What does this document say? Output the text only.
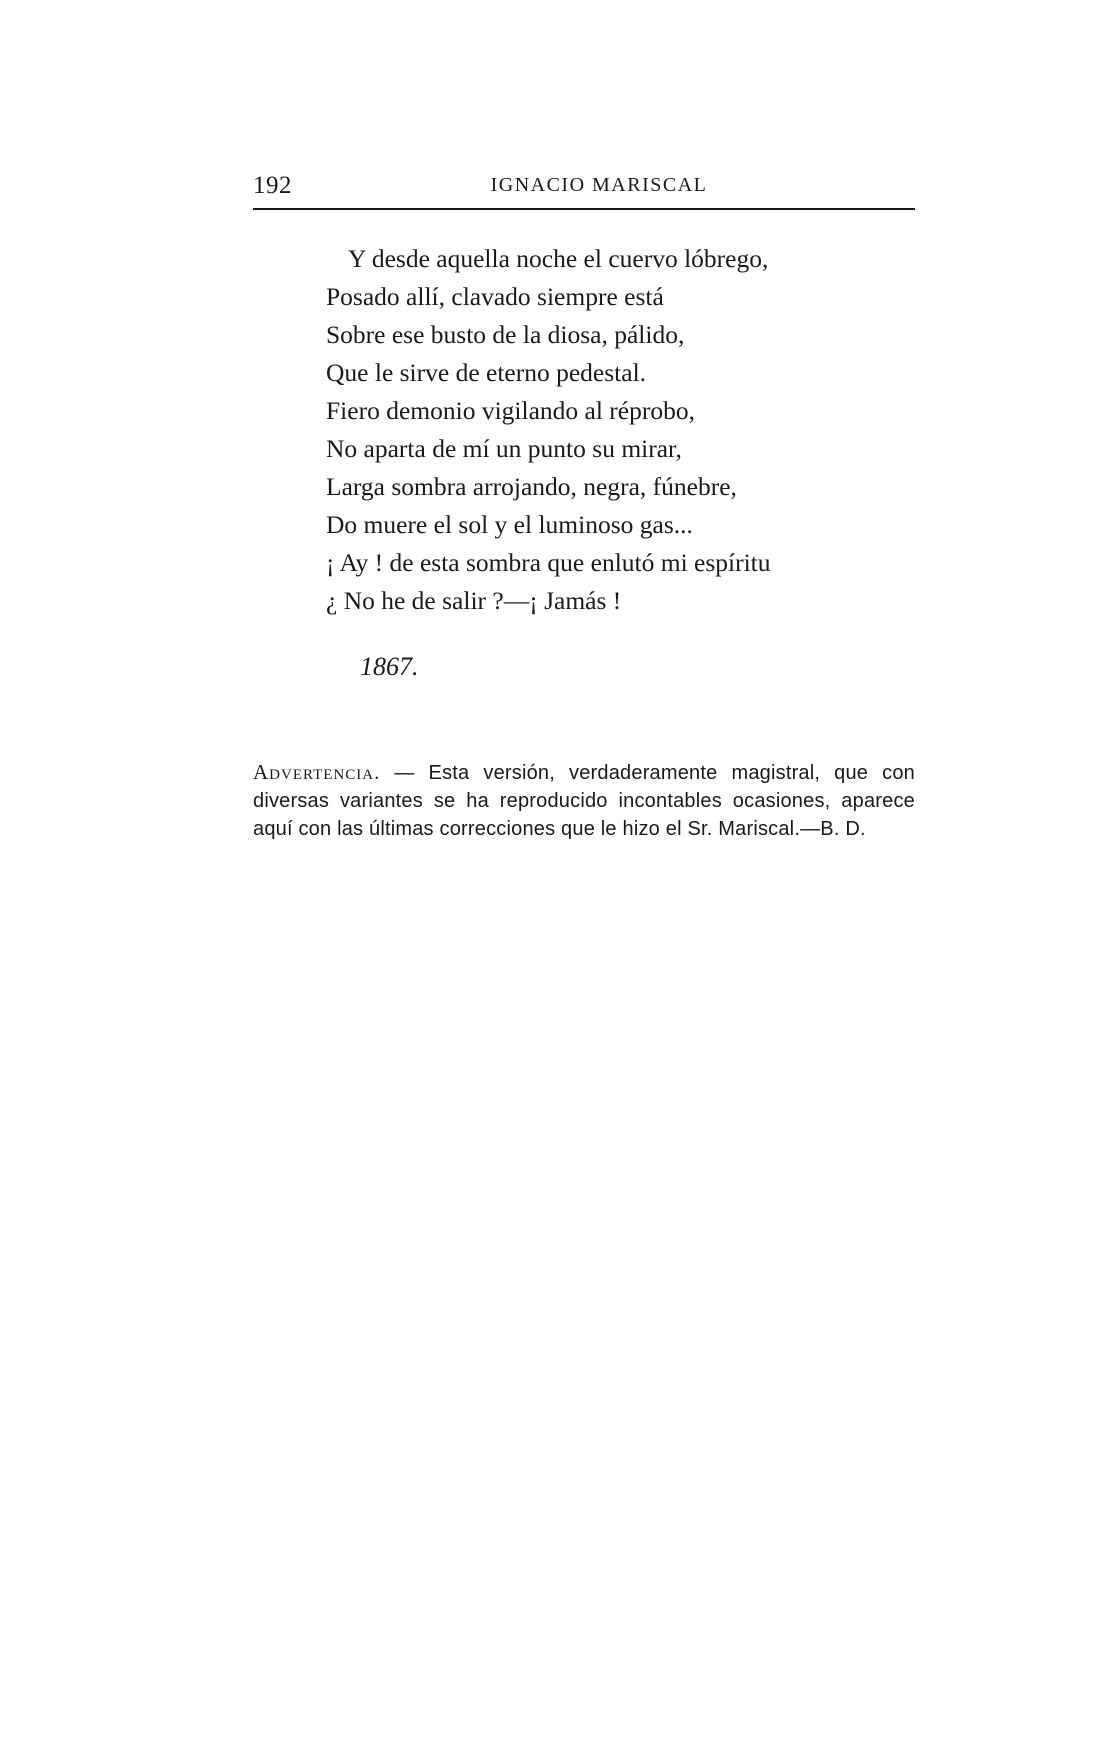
192	IGNACIO MARISCAL
Y desde aquella noche el cuervo lóbrego,
Posado allí, clavado siempre está
Sobre ese busto de la diosa, pálido,
Que le sirve de eterno pedestal.
Fiero demonio vigilando al réprobo,
No aparta de mí un punto su mirar,
Larga sombra arrojando, negra, fúnebre,
Do muere el sol y el luminoso gas...
¡ Ay ! de esta sombra que enlutó mi espíritu
¿ No he de salir ?—¡ Jamás !
1867.
Advertencia. — Esta versión, verdaderamente magistral, que con diversas variantes se ha reproducido incontables ocasiones, aparece aquí con las últimas correcciones que le hizo el Sr. Mariscal.—B. D.
